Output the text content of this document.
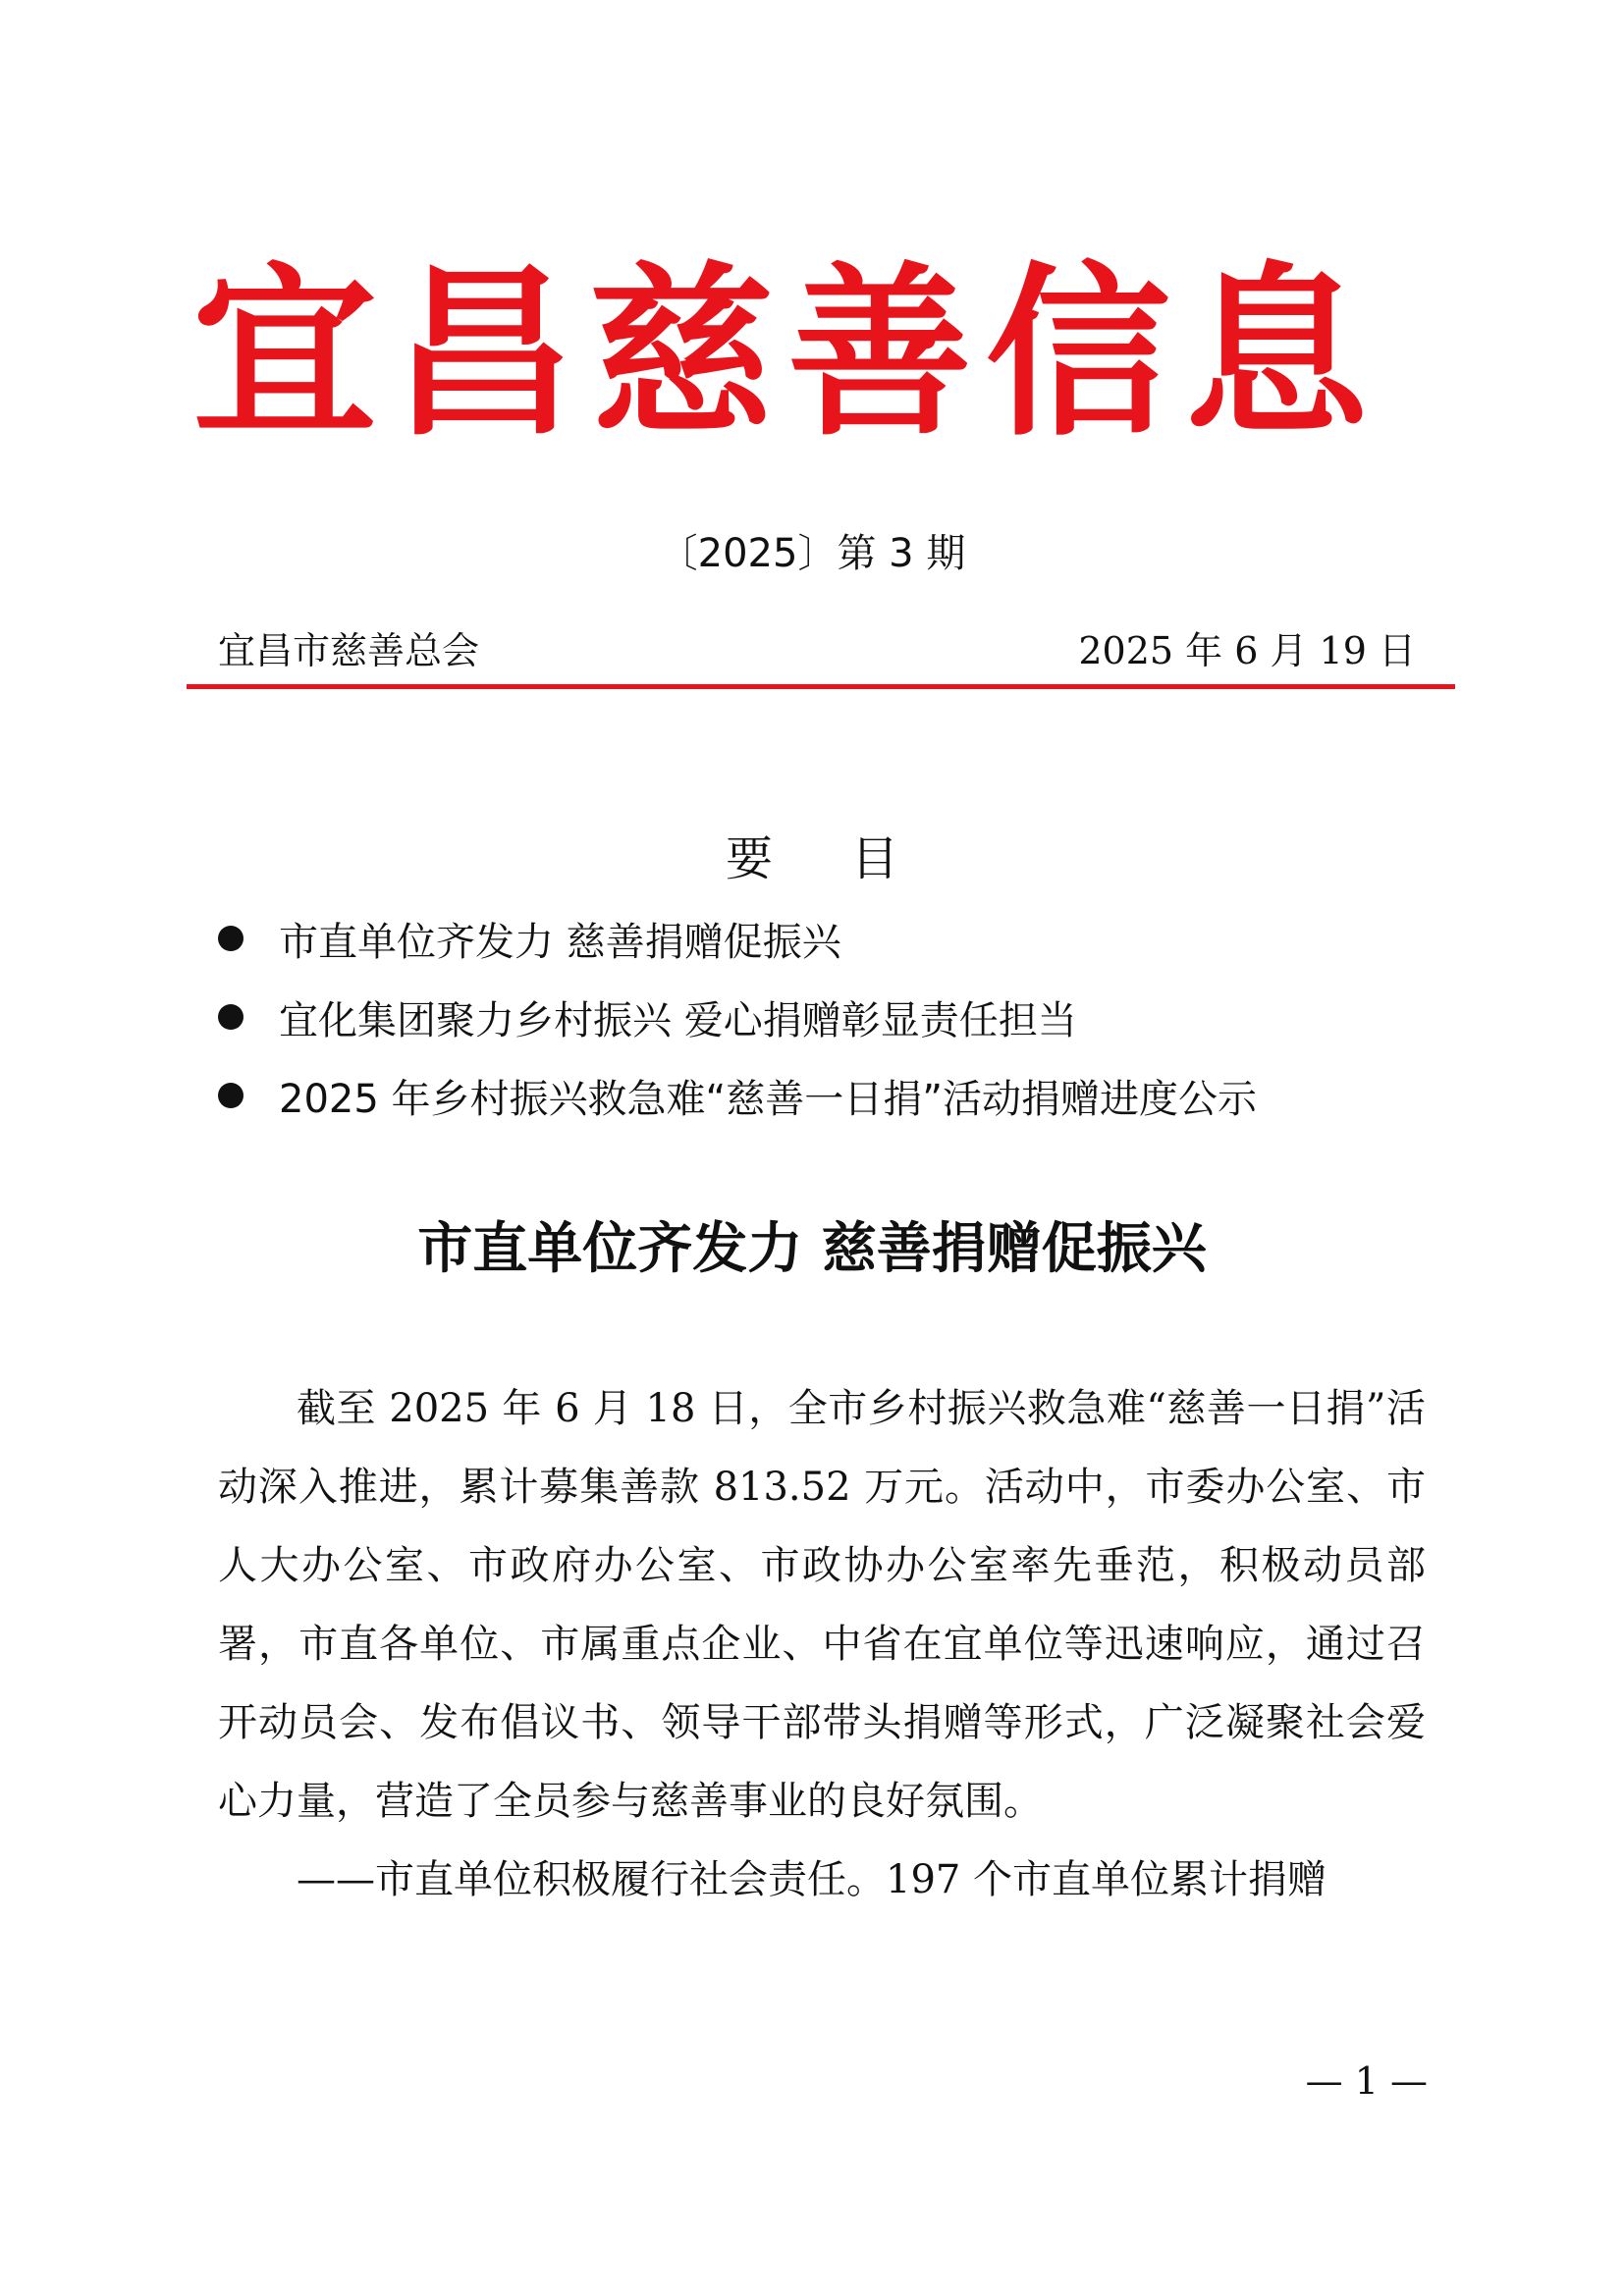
宜 昌 慈 善 信 息
〔2025〕第 3 期
宜昌市慈善总会	2025 年 6 月 19 日
要目
市直单位齐发力 慈善捐赠促振兴
宜化集团聚力乡村振兴 爱心捐赠彰显责任担当
2025 年乡村振兴救急难“慈善一日捐”活动捐赠进度公示
市直单位齐发力 慈善捐赠促振兴

截至 2025 年 6 月 18 日，全市乡村振兴救急难“慈善一日捐”活动深入推进，累计募集善款 813.52 万元。活动中，市委办公室、市人大办公室、市政府办公室、市政协办公室率先垂范，积极动员部署，市直各单位、市属重点企业、中省在宜单位等迅速响应，通过召开动员会、发布倡议书、领导干部带头捐赠等形式，广泛凝聚社会爱心力量，营造了全员参与慈善事业的良好氛围。

——市直单位积极履行社会责任。197 个市直单位累计捐赠

— 1 —
